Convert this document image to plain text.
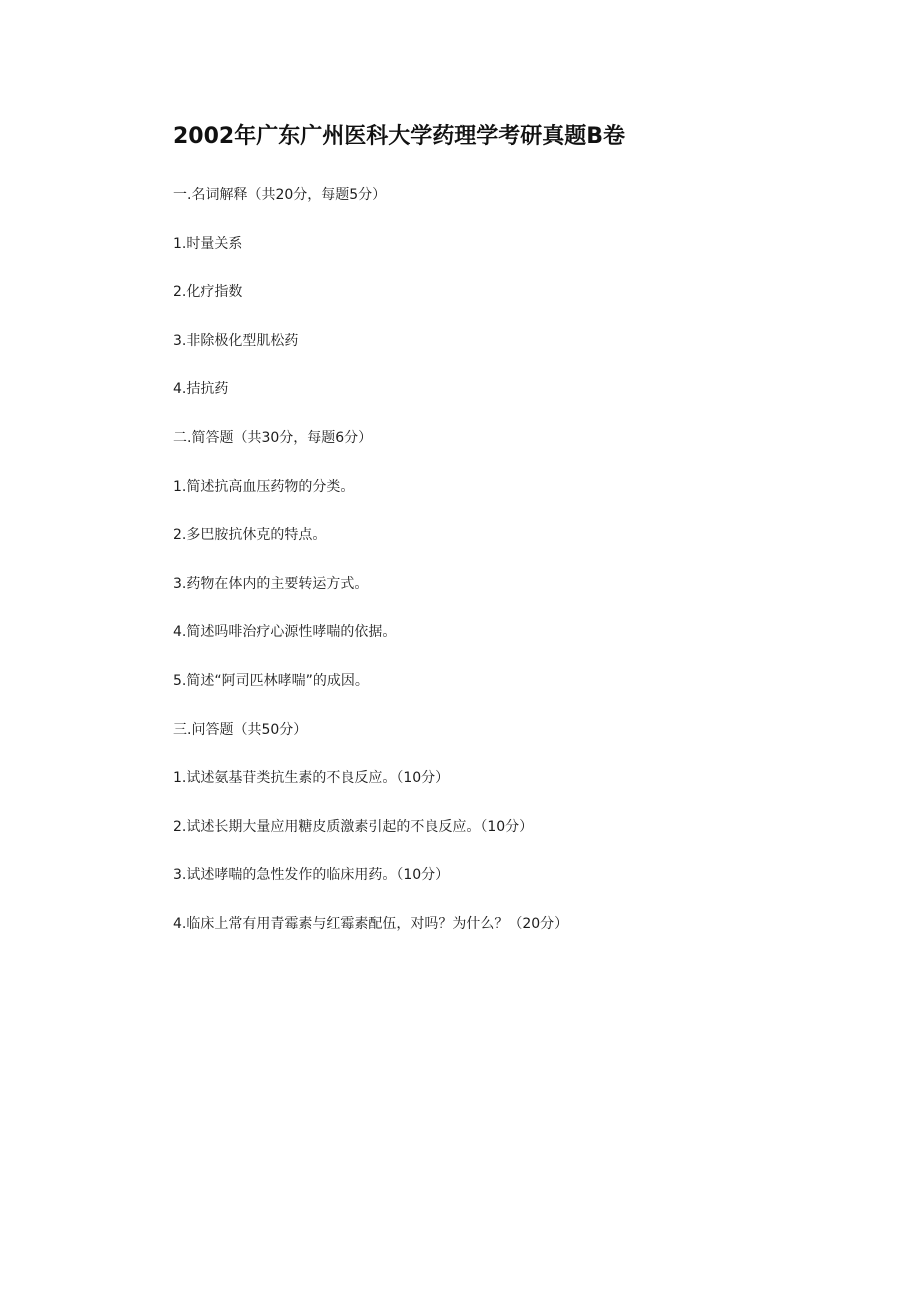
2002年广东广州医科大学药理学考研真题B卷
一.名词解释（共20分，每题5分）
1.时量关系
2.化疗指数
3.非除极化型肌松药
4.拮抗药
二.简答题（共30分，每题6分）
1.简述抗高血压药物的分类。
2.多巴胺抗休克的特点。
3.药物在体内的主要转运方式。
4.简述吗啡治疗心源性哮喘的依据。
5.简述“阿司匹林哮喘”的成因。
三.问答题（共50分）
1.试述氨基苷类抗生素的不良反应。（10分）
2.试述长期大量应用糖皮质激素引起的不良反应。（10分）
3.试述哮喘的急性发作的临床用药。（10分）
4.临床上常有用青霉素与红霉素配伍，对吗？为什么？（20分）
